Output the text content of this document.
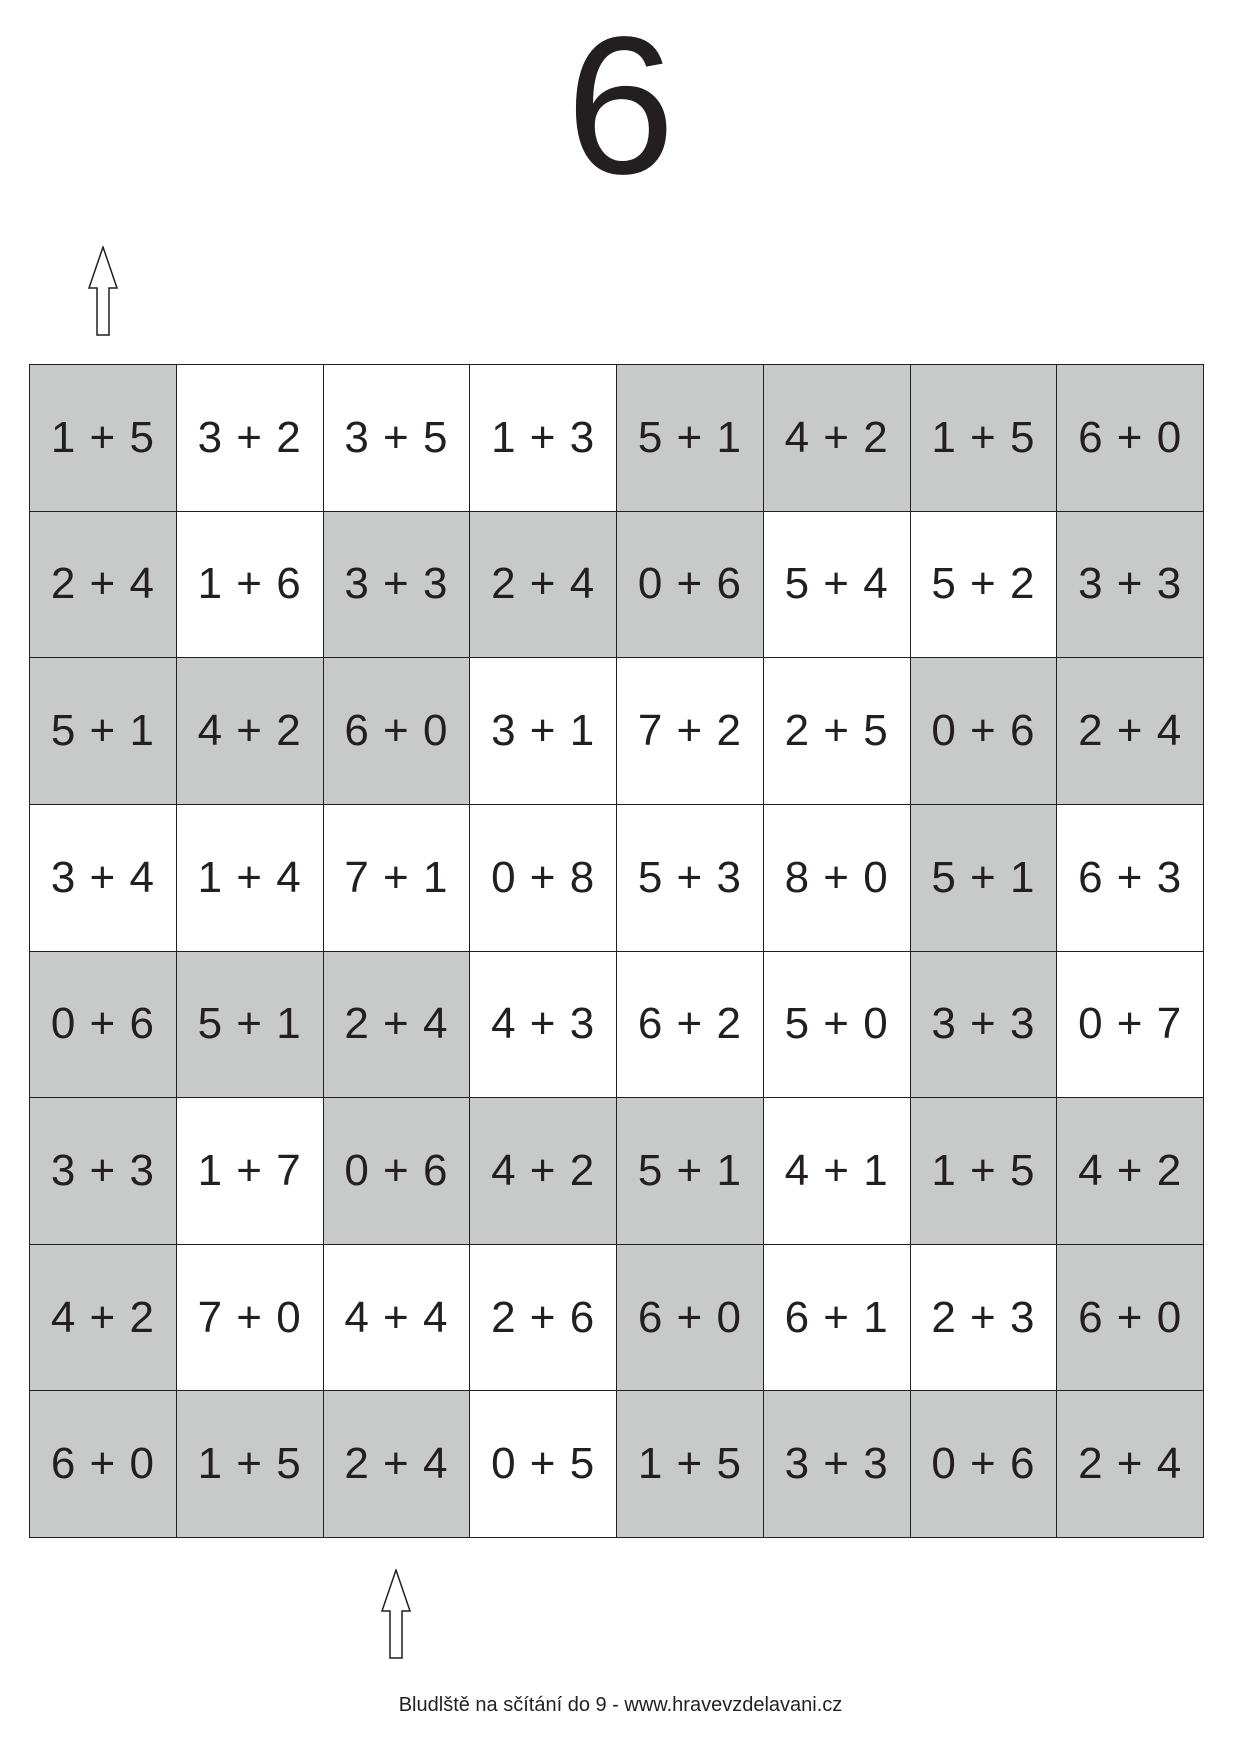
6
1 + 5 3 + 2 3 + 5 1 + 3 5 + 1 4 + 2 1 + 5 6 + 0
2 + 4 1 + 6 3 + 3 2 + 4 0 + 6 5 + 4 5 + 2 3 + 3
5 + 1 4 + 2 6 + 0 3 + 1 7 + 2 2 + 5 0 + 6 2 + 4
3 + 4 1 + 4 7 + 1 0 + 8 5 + 3 8 + 0 5 + 1 6 + 3
0 + 6 5 + 1 2 + 4 4 + 3 6 + 2 5 + 0 3 + 3 0 + 7
3 + 3 1 + 7 0 + 6 4 + 2 5 + 1 4 + 1 1 + 5 4 + 2
4 + 2 7 + 0 4 + 4 2 + 6 6 + 0 6 + 1 2 + 3 6 + 0
6 + 0 1 + 5 2 + 4 0 + 5 1 + 5 3 + 3 0 + 6 2 + 4
Bludlště na sčítání do 9 - www.hravevzdelavani.cz
